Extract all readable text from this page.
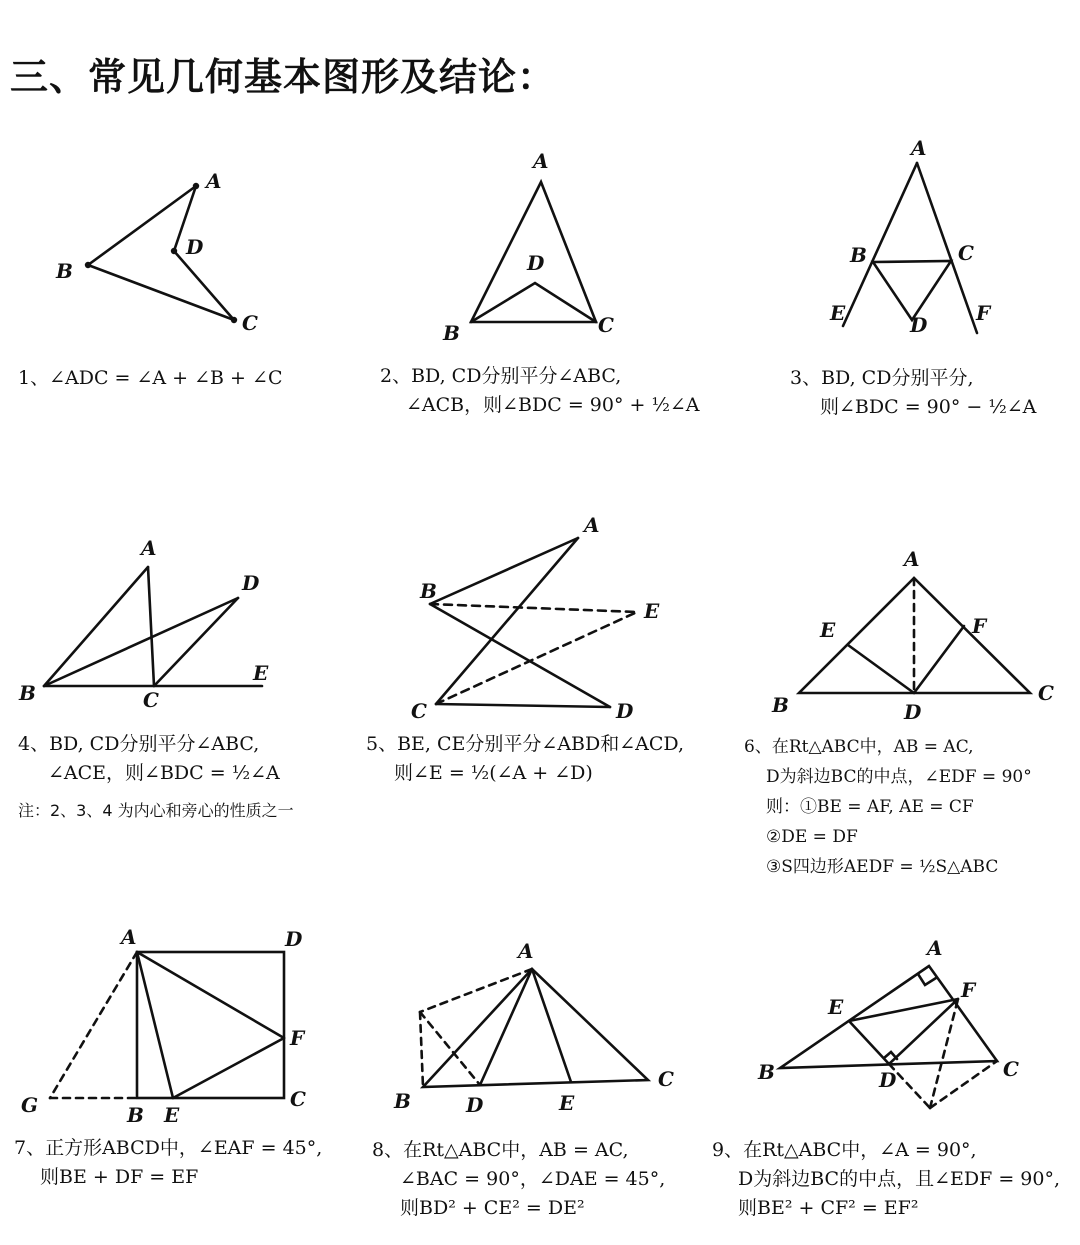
三、常见几何基本图形及结论：
A
D
B
C
A
D
B	C
A
B	C
E	F
D
A
D
E
B	C
A
B
E
C	D
A
E	F
B	D
C
A	D
F
C
G	B E
A
C
B	D	E
A
F
E
C
B	D
1、∠ADC = ∠A + ∠B + ∠C	2、BD, CD分别平分∠ABC,
∠ACB，则∠BDC = 90° + ½∠A
3、BD, CD分别平分,
则∠BDC = 90° − ½∠A
4、BD, CD分别平分∠ABC,
∠ACE，则∠BDC = ½∠A
注：2、3、4 为内心和旁心的性质之一
5、BE, CE分别平分∠ABD和∠ACD,
则∠E = ½(∠A + ∠D)
6、在Rt△ABC中，AB = AC,
D为斜边BC的中点，∠EDF = 90°
则：①BE = AF, AE = CF
②DE = DF
③S四边形AEDF = ½S△ABC
7、正方形ABCD中，∠EAF = 45°,
则BE + DF = EF
8、在Rt△ABC中，AB = AC,
∠BAC = 90°，∠DAE = 45°,
则BD² + CE² = DE²
9、在Rt△ABC中，∠A = 90°,
D为斜边BC的中点，且∠EDF = 90°,
则BE² + CF² = EF²
